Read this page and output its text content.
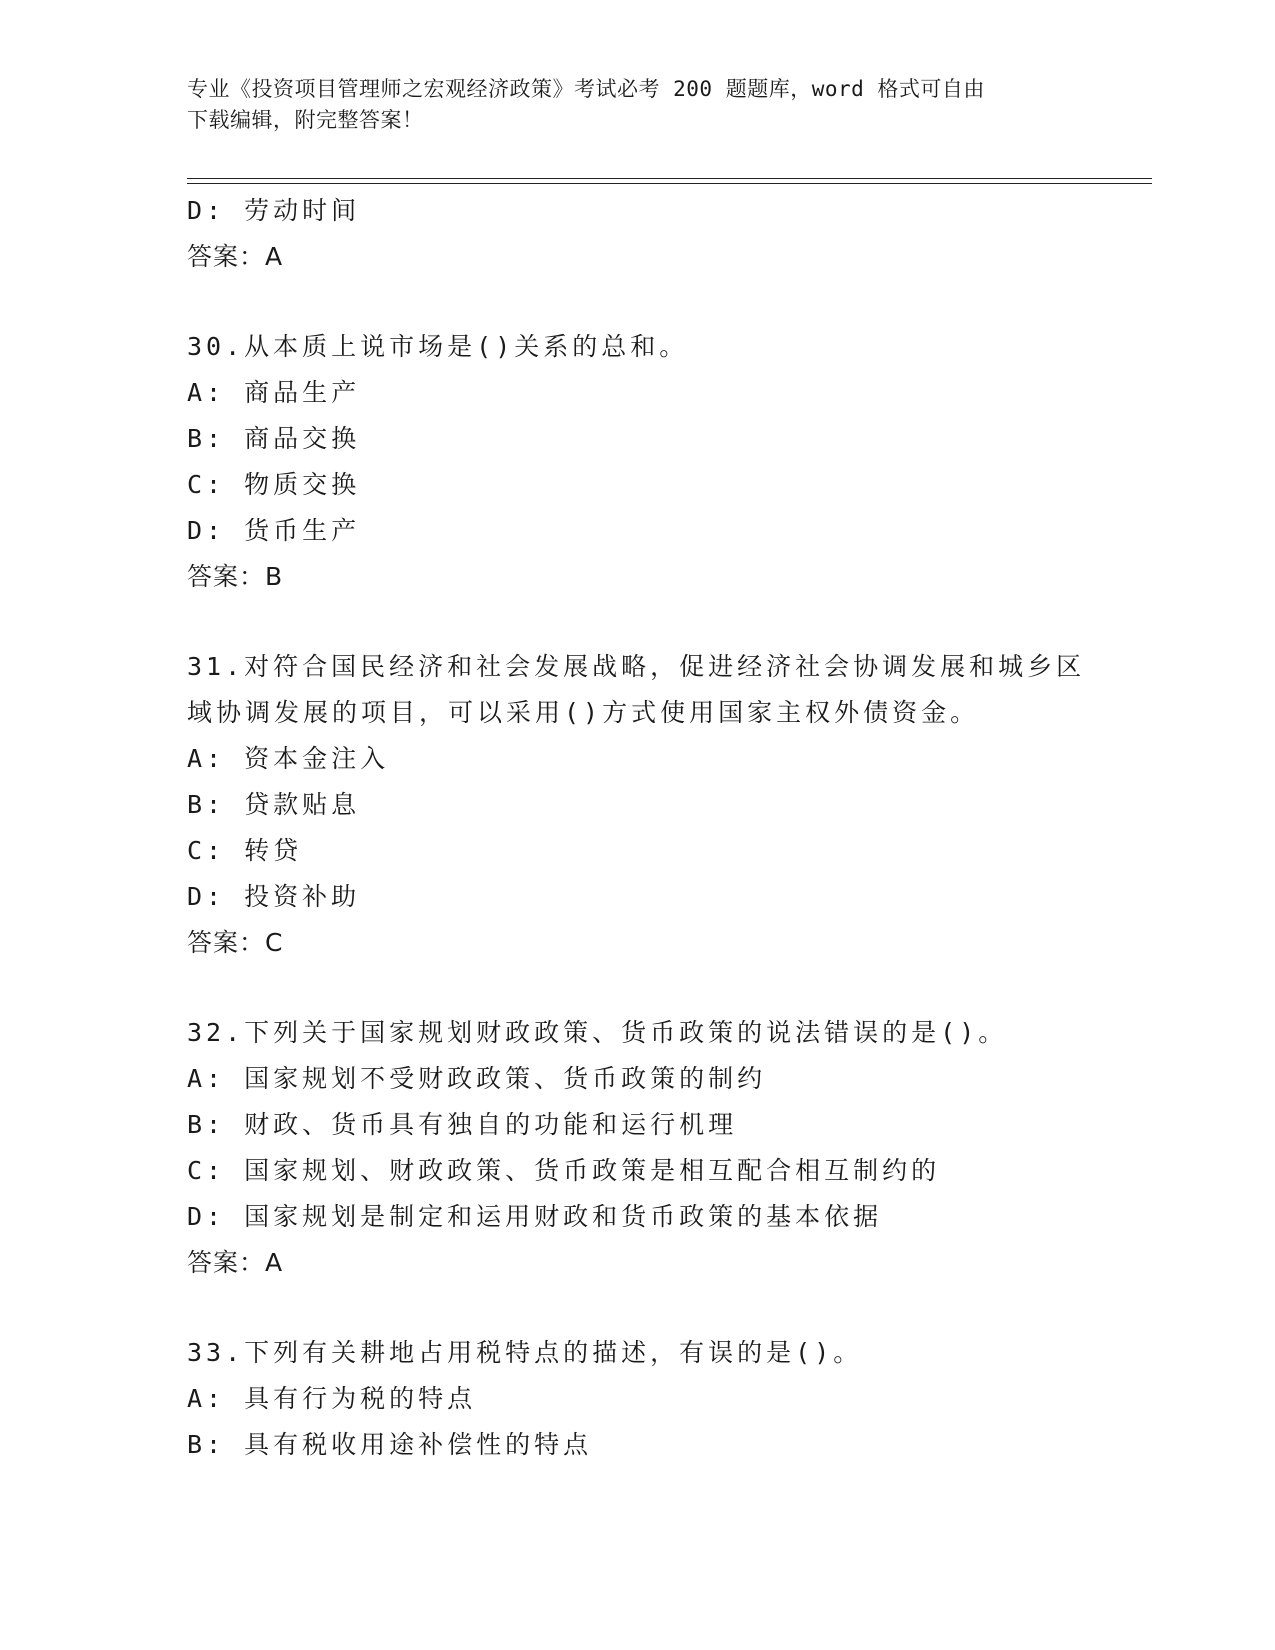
专业《投资项目管理师之宏观经济政策》考试必考 200 题题库，word 格式可自由
下载编辑，附完整答案！
D: 劳动时间
答案：A
30.从本质上说市场是()关系的总和。
A: 商品生产
B: 商品交换
C: 物质交换
D: 货币生产
答案：B
31.对符合国民经济和社会发展战略，促进经济社会协调发展和城乡区
域协调发展的项目，可以采用()方式使用国家主权外债资金。
A: 资本金注入
B: 贷款贴息
C: 转贷
D: 投资补助
答案：C
32.下列关于国家规划财政政策、货币政策的说法错误的是()。
A: 国家规划不受财政政策、货币政策的制约
B: 财政、货币具有独自的功能和运行机理
C: 国家规划、财政政策、货币政策是相互配合相互制约的
D: 国家规划是制定和运用财政和货币政策的基本依据
答案：A
33.下列有关耕地占用税特点的描述，有误的是()。
A: 具有行为税的特点
B: 具有税收用途补偿性的特点
